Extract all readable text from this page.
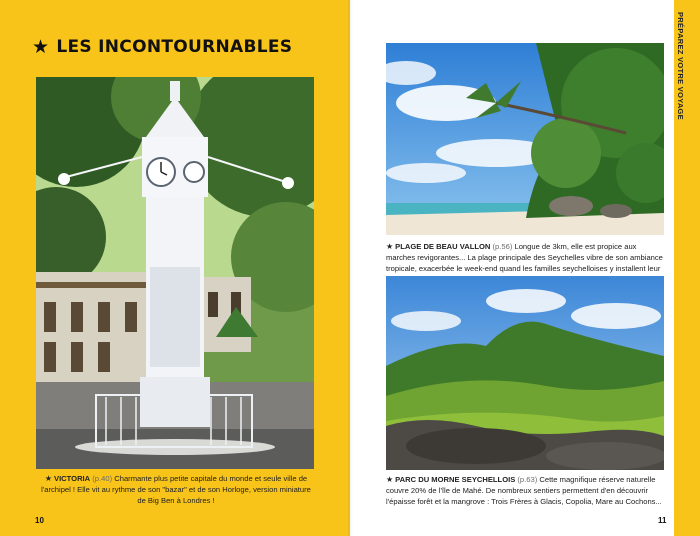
★ LES INCONTOURNABLES
★ VICTORIA (p.40) Charmante plus petite capitale du monde et seule ville de l'archipel ! Elle vit au rythme de son "bazar" et de son Horloge, version miniature de Big Ben à Londres !
10
★ PLAGE DE BEAU VALLON (p.56) Longue de 3km, elle est propice aux marches revigorantes... La plage principale des Seychelles vibre de son ambiance tropicale, exacerbée le week-end quand les familles seychelloises y installent leur
★ PARC DU MORNE SEYCHELLOIS (p.63) Cette magnifique réserve naturelle couvre 20% de l'île de Mahé. De nombreux sentiers permettent d'en découvrir l'épaisse forêt et la mangrove : Trois Frères à Glacis, Copolia, Mare au Cochons...
11
PRÉPAREZ VOTRE VOYAGE
